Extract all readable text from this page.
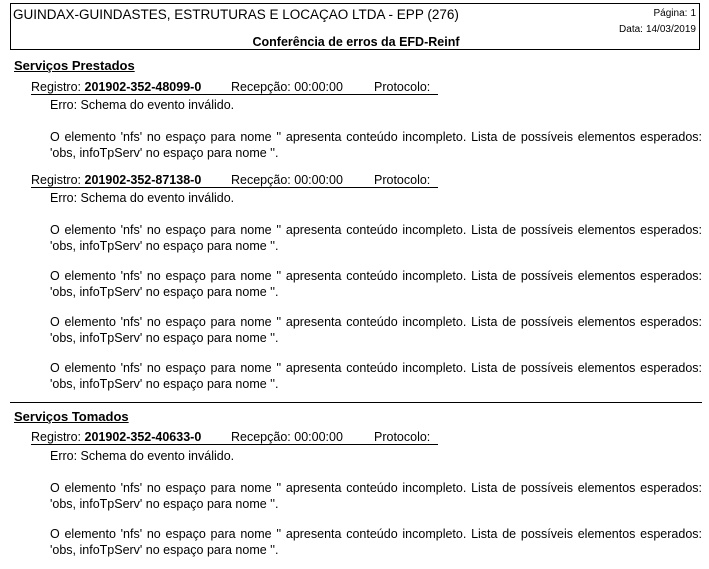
GUINDAX-GUINDASTES, ESTRUTURAS E LOCAÇAO LTDA - EPP (276)	Página: 1
Data: 14/03/2019
Conferência de erros da EFD-Reinf
Serviços Prestados
Registro: 201902-352-48099-0 Recepção: 00:00:00 Protocolo:
Erro: Schema do evento inválido.
O elemento 'nfs' no espaço para nome '' apresenta conteúdo incompleto. Lista de possíveis elementos esperados: 'obs, infoTpServ' no espaço para nome ''.
Registro: 201902-352-87138-0 Recepção: 00:00:00 Protocolo:
Erro: Schema do evento inválido.
O elemento 'nfs' no espaço para nome '' apresenta conteúdo incompleto. Lista de possíveis elementos esperados: 'obs, infoTpServ' no espaço para nome ''.
O elemento 'nfs' no espaço para nome '' apresenta conteúdo incompleto. Lista de possíveis elementos esperados: 'obs, infoTpServ' no espaço para nome ''.
O elemento 'nfs' no espaço para nome '' apresenta conteúdo incompleto. Lista de possíveis elementos esperados: 'obs, infoTpServ' no espaço para nome ''.
O elemento 'nfs' no espaço para nome '' apresenta conteúdo incompleto. Lista de possíveis elementos esperados: 'obs, infoTpServ' no espaço para nome ''.
Serviços Tomados
Registro: 201902-352-40633-0 Recepção: 00:00:00 Protocolo:
Erro: Schema do evento inválido.
O elemento 'nfs' no espaço para nome '' apresenta conteúdo incompleto. Lista de possíveis elementos esperados: 'obs, infoTpServ' no espaço para nome ''.
O elemento 'nfs' no espaço para nome '' apresenta conteúdo incompleto. Lista de possíveis elementos esperados: 'obs, infoTpServ' no espaço para nome ''.
